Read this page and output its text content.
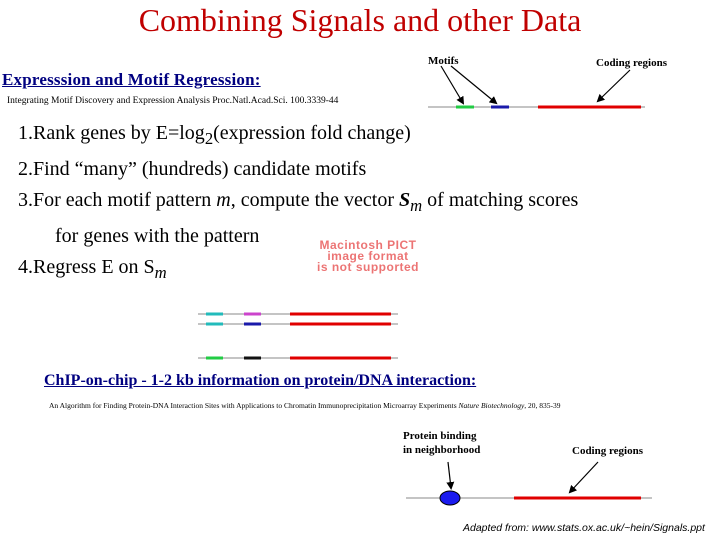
Combining Signals and other Data
Motifs	Coding regions
Expresssion and Motif Regression:
Integrating Motif Discovery and Expression Analysis Proc.Natl.Acad.Sci. 100.3339-44
1.Rank genes by $E=\log_2(expression$ fold change)
2.Find “many” (hundreds) candidate motifs
3.For each motif pattern m, compute the vector $S_m$ of matching scores
for genes with the pattern
4.Regress E on $S_m$
Macintosh PICT
image format
is not supported
ChIP-on-chip - 1-2 kb information on protein/DNA interaction:
An Algorithm for Finding Protein-DNA Interaction Sites with Applications to Chromatin Immunoprecipitation Microarray Experiments Nature Biotechnology, 20, 835-39
Protein binding
in neighborhood	Coding regions
Adapted from: www.stats.ox.ac.uk/~hein/Signals.ppt
